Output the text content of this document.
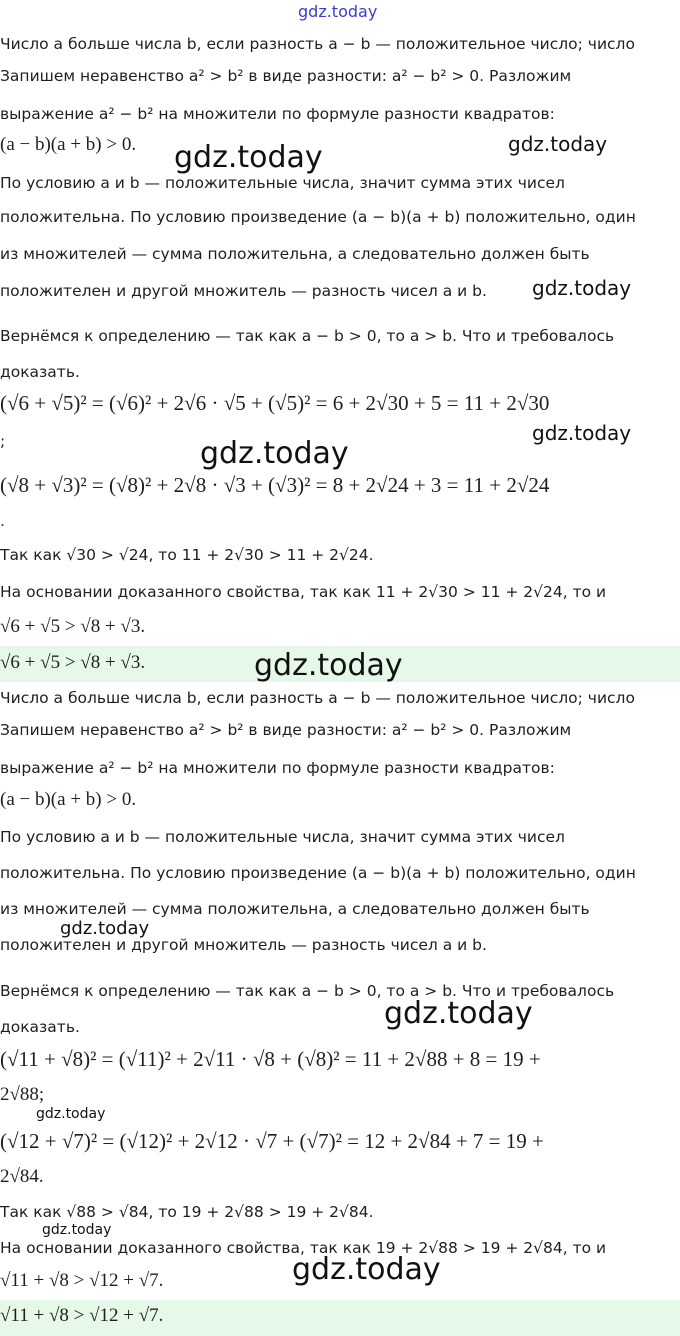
gdz.today
Число a больше числа b, если разность a − b — положительное число; число
Запишем неравенство a² > b² в виде разности: a² − b² > 0. Разложим
выражение a² − b² на множители по формуле разности квадратов:
(a − b)(a + b) > 0.
По условию a и b — положительные числа, значит сумма этих чисел
положительна. По условию произведение (a − b)(a + b) положительно, один
из множителей — сумма положительна, а следовательно должен быть
положителен и другой множитель — разность чисел a и b.
Вернёмся к определению — так как a − b > 0, то a > b. Что и требовалось
доказать.
(√6 + √5)² = (√6)² + 2√6 · √5 + (√5)² = 6 + 2√30 + 5 = 11 + 2√30
;
(√8 + √3)² = (√8)² + 2√8 · √3 + (√3)² = 8 + 2√24 + 3 = 11 + 2√24
.
Так как √30 > √24, то 11 + 2√30 > 11 + 2√24.
На основании доказанного свойства, так как 11 + 2√30 > 11 + 2√24, то и
√6 + √5 > √8 + √3.
√6 + √5 > √8 + √3.
Число a больше числа b, если разность a − b — положительное число; число
Запишем неравенство a² > b² в виде разности: a² − b² > 0. Разложим
выражение a² − b² на множители по формуле разности квадратов:
(a − b)(a + b) > 0.
По условию a и b — положительные числа, значит сумма этих чисел
положительна. По условию произведение (a − b)(a + b) положительно, один
из множителей — сумма положительна, а следовательно должен быть
положителен и другой множитель — разность чисел a и b.
Вернёмся к определению — так как a − b > 0, то a > b. Что и требовалось
доказать.
(√11 + √8)² = (√11)² + 2√11 · √8 + (√8)² = 11 + 2√88 + 8 = 19 +
2√88;
(√12 + √7)² = (√12)² + 2√12 · √7 + (√7)² = 12 + 2√84 + 7 = 19 +
2√84.
Так как √88 > √84, то 19 + 2√88 > 19 + 2√84.
На основании доказанного свойства, так как 19 + 2√88 > 19 + 2√84, то и
√11 + √8 > √12 + √7.
√11 + √8 > √12 + √7.
gdz.today	gdz.today
gdz.today
gdz.today
gdz.today
gdz.today
gdz.today
gdz.today
gdz.today
gdz.today
gdz.today
